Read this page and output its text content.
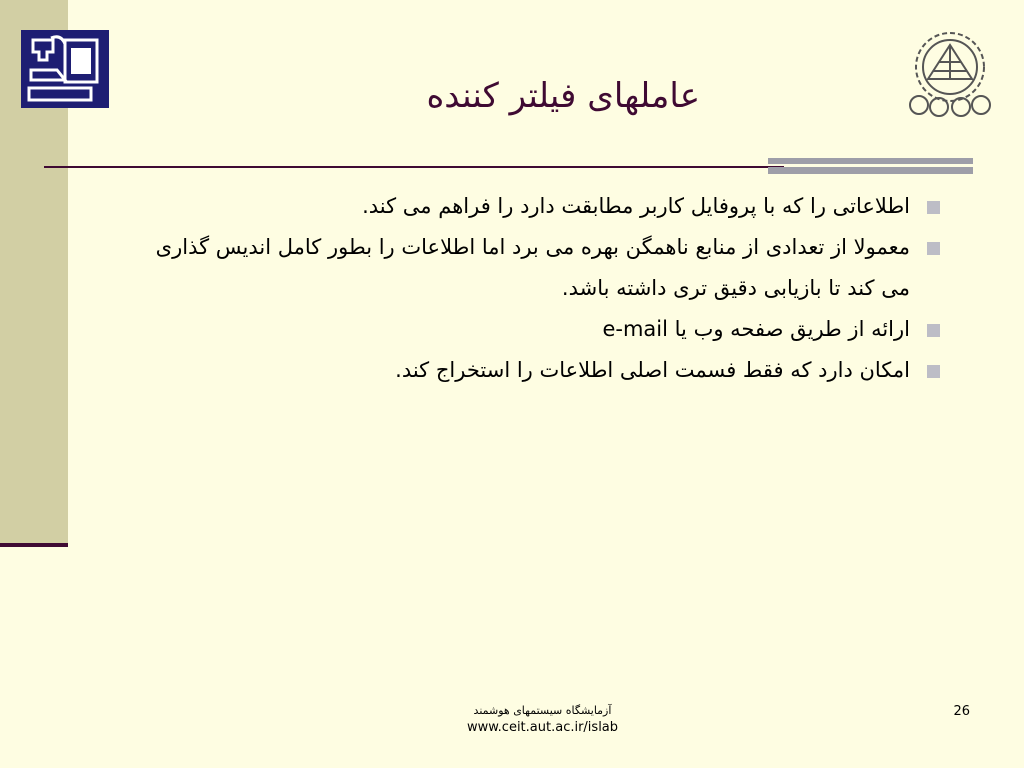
عاملهای فیلتر کننده
اطلاعاتی را که با پروفایل کاربر مطابقت دارد را فراهم می کند.
معمولا از تعدادی از منابع ناهمگن بهره می برد اما اطلاعات را بطور کامل اندیس گذاری می کند تا بازیابی دقیق تری داشته باشد.
ارائه از طریق صفحه وب یا e-mail
امکان دارد که فقط فسمت اصلی اطلاعات را استخراج کند.
آزمایشگاه سیستمهای هوشمند
www.ceit.aut.ac.ir/islab
26
